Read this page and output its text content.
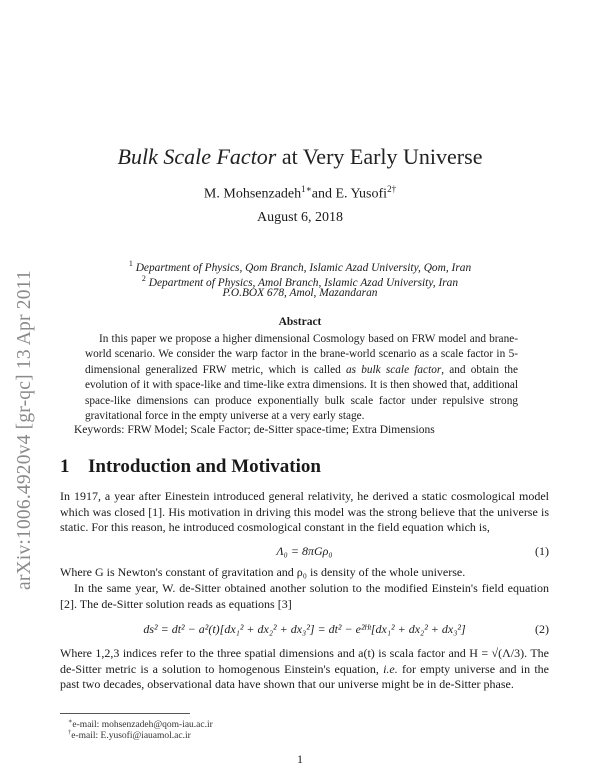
arXiv:1006.4920v4 [gr-qc] 13 Apr 2011
Bulk Scale Factor at Very Early Universe
M. Mohsenzadeh$^{1∗}$and E. Yusofi$^{2\dagger}$
August 6, 2018
$^1$ Department of Physics, Qom Branch, Islamic Azad University, Qom, Iran
$^2$ Department of Physics, Amol Branch, Islamic Azad University, Iran
P.O.BOX 678, Amol, Mazandaran
Abstract
In this paper we propose a higher dimensional Cosmology based on FRW model and brane-world scenario. We consider the warp factor in the brane-world scenario as a scale factor in 5-dimensional generalized FRW metric, which is called as bulk scale factor, and obtain the evolution of it with space-like and time-like extra dimensions. It is then showed that, additional space-like dimensions can produce exponentially bulk scale factor under repulsive strong gravitational force in the empty universe at a very early stage.
Keywords: FRW Model; Scale Factor; de-Sitter space-time; Extra Dimensions
1 Introduction and Motivation
In 1917, a year after Einestein introduced general relativity, he derived a static cosmological model which was closed [1]. His motivation in driving this model was the strong believe that the universe is static. For this reason, he introduced cosmological constant in the field equation which is,
Λ₀ = 8πGρ₀	(1)
Where G is Newton's constant of gravitation and ρ₀ is density of the whole universe.
In the same year, W. de-Sitter obtained another solution to the modified Einstein's field equation [2]. The de-Sitter solution reads as equations [3]
ds² = dt² − a²(t)[dx₁² + dx₂² + dx₃²] = dt² − e²ᴴᵗ[dx₁² + dx₂² + dx₃²]	(2)
Where 1,2,3 indices refer to the three spatial dimensions and a(t) is scala factor and H = √(Λ/3). The de-Sitter metric is a solution to homogenous Einstein's equation, i.e. for empty universe and in the past two decades, observational data have shown that our universe might be in de-Sitter phase.
∗e-mail: mohsenzadeh@qom-iau.ac.ir
†e-mail: E.yusofi@iauamol.ac.ir
1
